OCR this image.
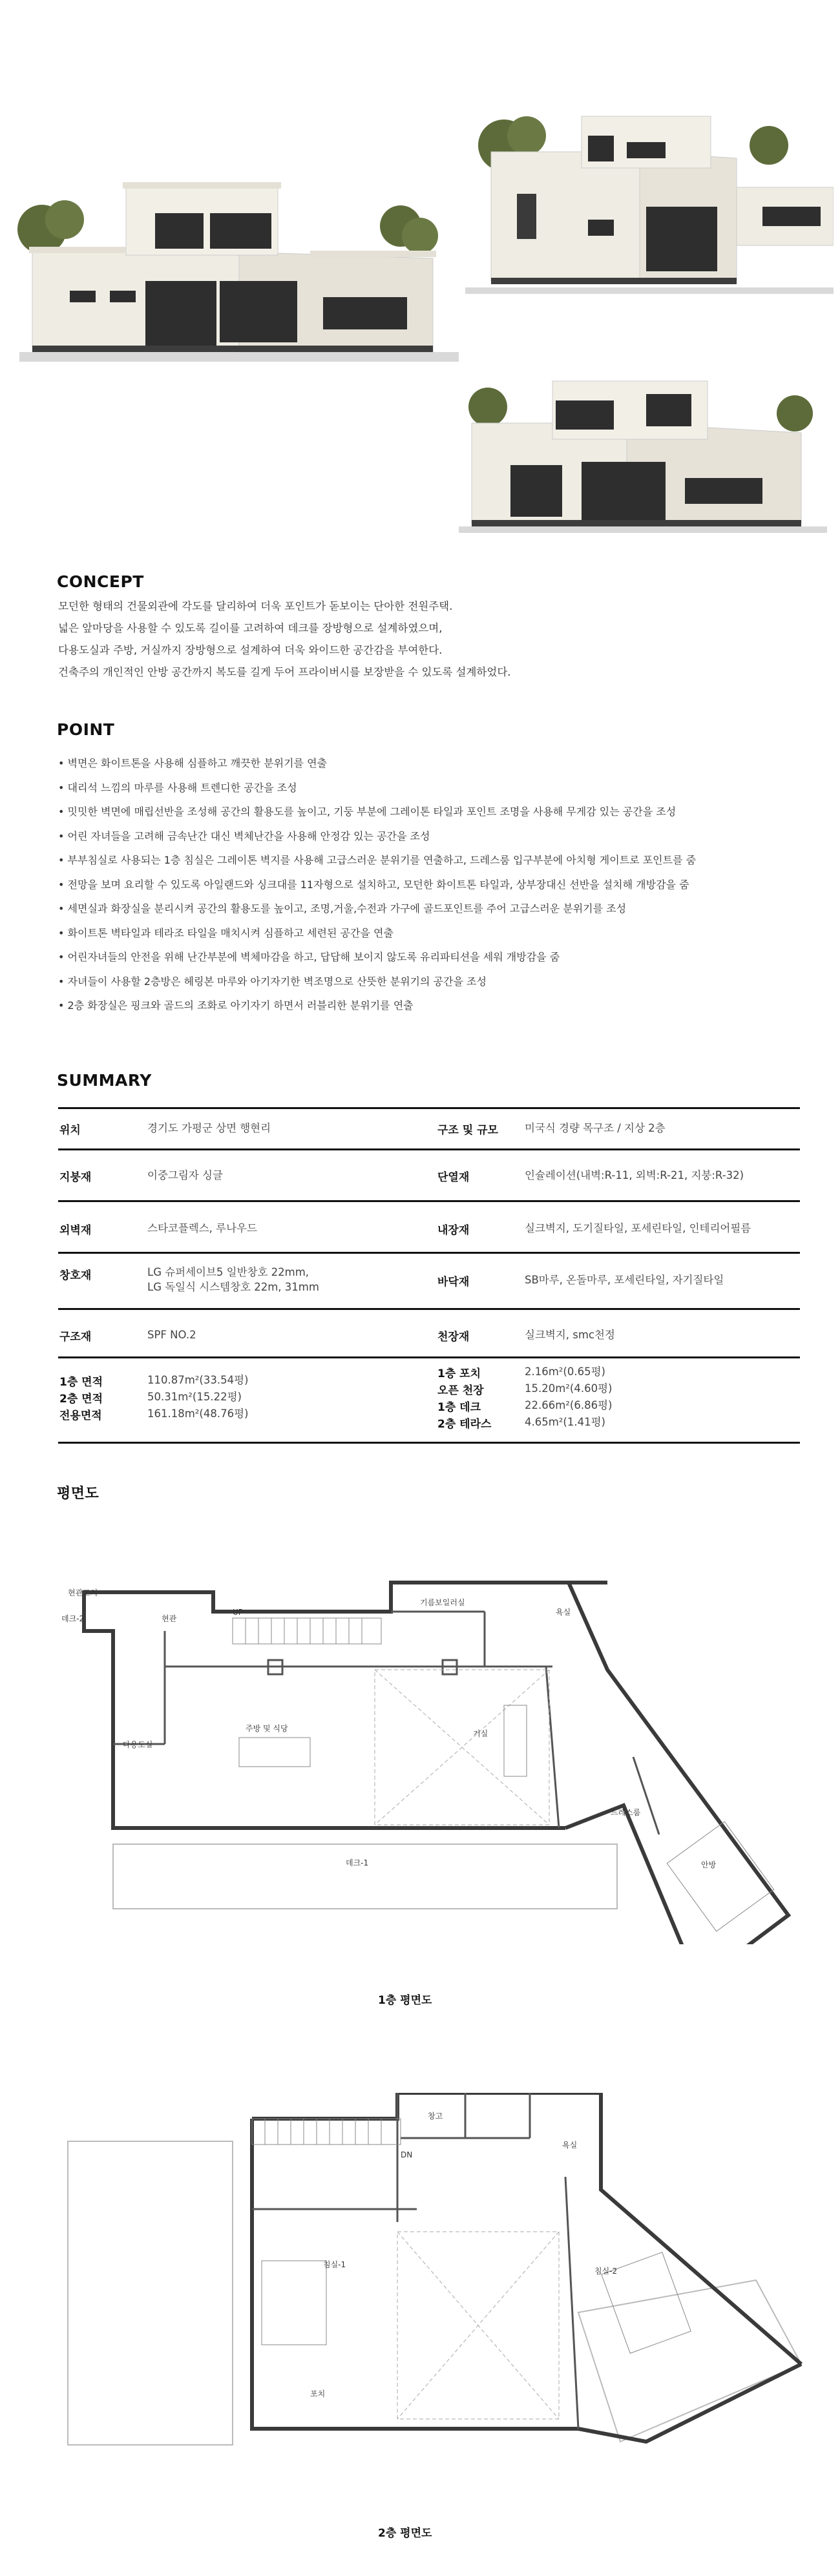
CONCEPT
모던한 형태의 건물외관에 각도를 달리하여 더욱 포인트가 돋보이는 단아한 전원주택.
넓은 앞마당을 사용할 수 있도록 길이를 고려하여 데크를 장방형으로 설계하였으며,
다용도실과 주방, 거실까지 장방형으로 설계하여 더욱 와이드한 공간감을 부여한다.
건축주의 개인적인 안방 공간까지 복도를 길게 두어 프라이버시를 보장받을 수 있도록 설계하었다.
POINT
• 벽면은 화이트톤을 사용해 심플하고 깨끗한 분위기를 연출
• 대리석 느낌의 마루를 사용해 트렌디한 공간을 조성
• 밋밋한 벽면에 매립선반을 조성해 공간의 활용도를 높이고, 기둥 부분에 그레이톤 타일과 포인트 조명을 사용해 무게감 있는 공간을 조성
• 어린 자녀들을 고려해 금속난간 대신 벽체난간을 사용해 안정감 있는 공간을 조성
• 부부침실로 사용되는 1층 침실은 그레이톤 벽지를 사용해 고급스러운 분위기를 연출하고, 드레스룸 입구부분에 아치형 게이트로 포인트를 줌
• 전망을 보며 요리할 수 있도록 아일랜드와 싱크대를 11자형으로 설치하고, 모던한 화이트톤 타일과, 상부장대신 선반을 설치해 개방감을 줌
• 세면실과 화장실을 분리시켜 공간의 활용도를 높이고, 조명,거울,수전과 가구에 골드포인트를 주어 고급스러운 분위기를 조성
• 화이트톤 벽타일과 테라조 타일을 매치시켜 심플하고 세련된 공간을 연출
• 어린자녀들의 안전을 위해 난간부분에 벽체마감을 하고, 답답해 보이지 않도록 유리파티션을 세워 개방감을 줌
• 자녀들이 사용할 2층방은 헤링본 마루와 아기자기한 벽조명으로 산뜻한 분위기의 공간을 조성
• 2층 화장실은 핑크와 골드의 조화로 아기자기 하면서 러블리한 분위기를 연출
SUMMARY
위치	경기도 가평군 상면 행현리	구조 및 규모 미국식 경량 목구조 / 지상 2층
지붕재	이중그림자 싱글	단열재	인슐레이션(내벽:R-11, 외벽:R-21, 지붕:R-32)
외벽재	스타코플렉스, 루나우드	내장재	실크벽지, 도기질타일, 포세린타일, 인테리어필름
창호재	LG 슈퍼세이브5 일반창호 22mm,
LG 독일식 시스템창호 22m, 31mm	바닥재	SB마루, 온돌마루, 포세린타일, 자기질타일
구조재	SPF NO.2	천장재	실크벽지, smc천정
1층 면적	110.87m²(33.54평)
2층 면적	50.31m²(15.22평)
전용면적	161.18m²(48.76평)
1층 포치	2.16m²(0.65평)
오픈 천장	15.20m²(4.60평)
1층 데크	22.66m²(6.86평)
2층 테라스	4.65m²(1.41평)
평면도
기름보일러실
욕실
현관
현관포치
데크-2
UP
다용도실
주방 및 식당
거실
드레스룸
데크-1	안방
1층 평면도
창고
욕실
DN
침실-1
침실-2
포치
2층 평면도
